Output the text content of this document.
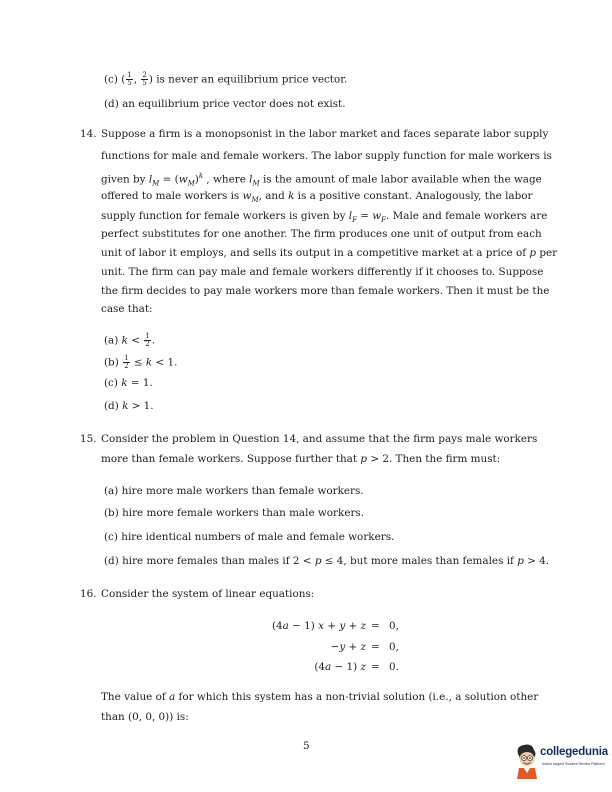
(c) ( $\frac{1}{5}$ , $\frac{2}{5}$ ) is never an equilibrium price vector.
(d) an equilibrium price vector does not exist.
14. Suppose a firm is a monopsonist in the labor market and faces separate labor supply
functions for male and female workers. The labor supply function for male workers is
given by $l_M = (w_M)^k$ , where $l_M$ is the amount of male labor available when the wage
offered to male workers is $w_M$, and k is a positive constant. Analogously, the labor
supply function for female workers is given by $l_F = w_F$. Male and female workers are
perfect substitutes for one another. The firm produces one unit of output from each
unit of labor it employs, and sells its output in a competitive market at a price of p per
unit. The firm can pay male and female workers differently if it chooses to. Suppose
the firm decides to pay male workers more than female workers. Then it must be the
case that:
(a) $k < \frac{1}{2}$ .
$(b) \frac{1}{2} \le k < 1$.
(c) k = 1.
(d) k > 1.
15. Consider the problem in Question 14, and assume that the firm pays male workers
more than female workers. Suppose further that p > 2. Then the firm must:
(a) hire more male workers than female workers.
(b) hire more female workers than male workers.
(c) hire identical numbers of male and female workers.
(d) hire more females than males if 2 < p ≤ 4, but more males than females if p > 4.
16. Consider the system of linear equations:
(4a − 1) x + y + z = 0,
−y + z = 0,
(4a − 1) z = 0.
The value of a for which this system has a non-trivial solution (i.e., a solution other
than (0, 0, 0)) is:
5	collegedunia
India's largest Student Review Platform
